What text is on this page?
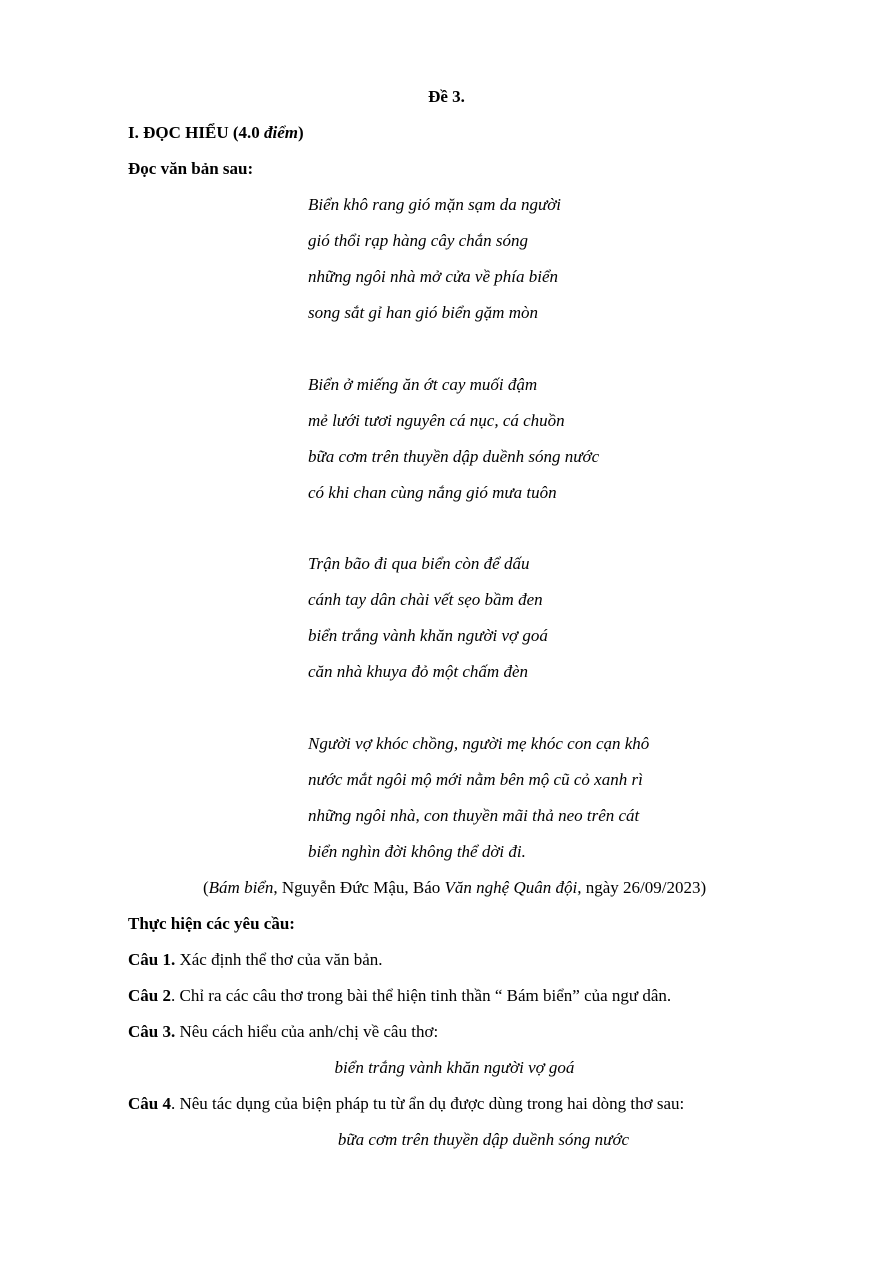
Đề 3.
I. ĐỌC HIỂU (4.0 điểm)
Đọc văn bản sau:
Biển khô rang gió mặn sạm da người
gió thổi rạp hàng cây chắn sóng
những ngôi nhà mở cửa về phía biển
song sắt gỉ han gió biển gặm mòn
Biển ở miếng ăn ớt cay muối đậm
mẻ lưới tươi nguyên cá nục, cá chuồn
bữa cơm trên thuyền dập duềnh sóng nước
có khi chan cùng nắng gió mưa tuôn
Trận bão đi qua biển còn để dấu
cánh tay dân chài vết sẹo bầm đen
biển trắng vành khăn người vợ goá
căn nhà khuya đỏ một chấm đèn
Người vợ khóc chồng, người mẹ khóc con cạn khô
nước mắt ngôi mộ mới nằm bên mộ cũ cỏ xanh rì
những ngôi nhà, con thuyền mãi thả neo trên cát
biển nghìn đời không thể dời đi.
(Bám biển, Nguyễn Đức Mậu, Báo Văn nghệ Quân đội, ngày 26/09/2023)
Thực hiện các yêu cầu:
Câu 1. Xác định thể thơ của văn bản.
Câu 2. Chỉ ra các câu thơ trong bài thể hiện tinh thần “ Bám biển” của ngư dân.
Câu 3. Nêu cách hiểu của anh/chị về câu thơ:
biển trắng vành khăn người vợ goá
Câu 4. Nêu tác dụng của biện pháp tu từ ẩn dụ được dùng trong hai dòng thơ sau:
bữa cơm trên thuyền dập duềnh sóng nước
